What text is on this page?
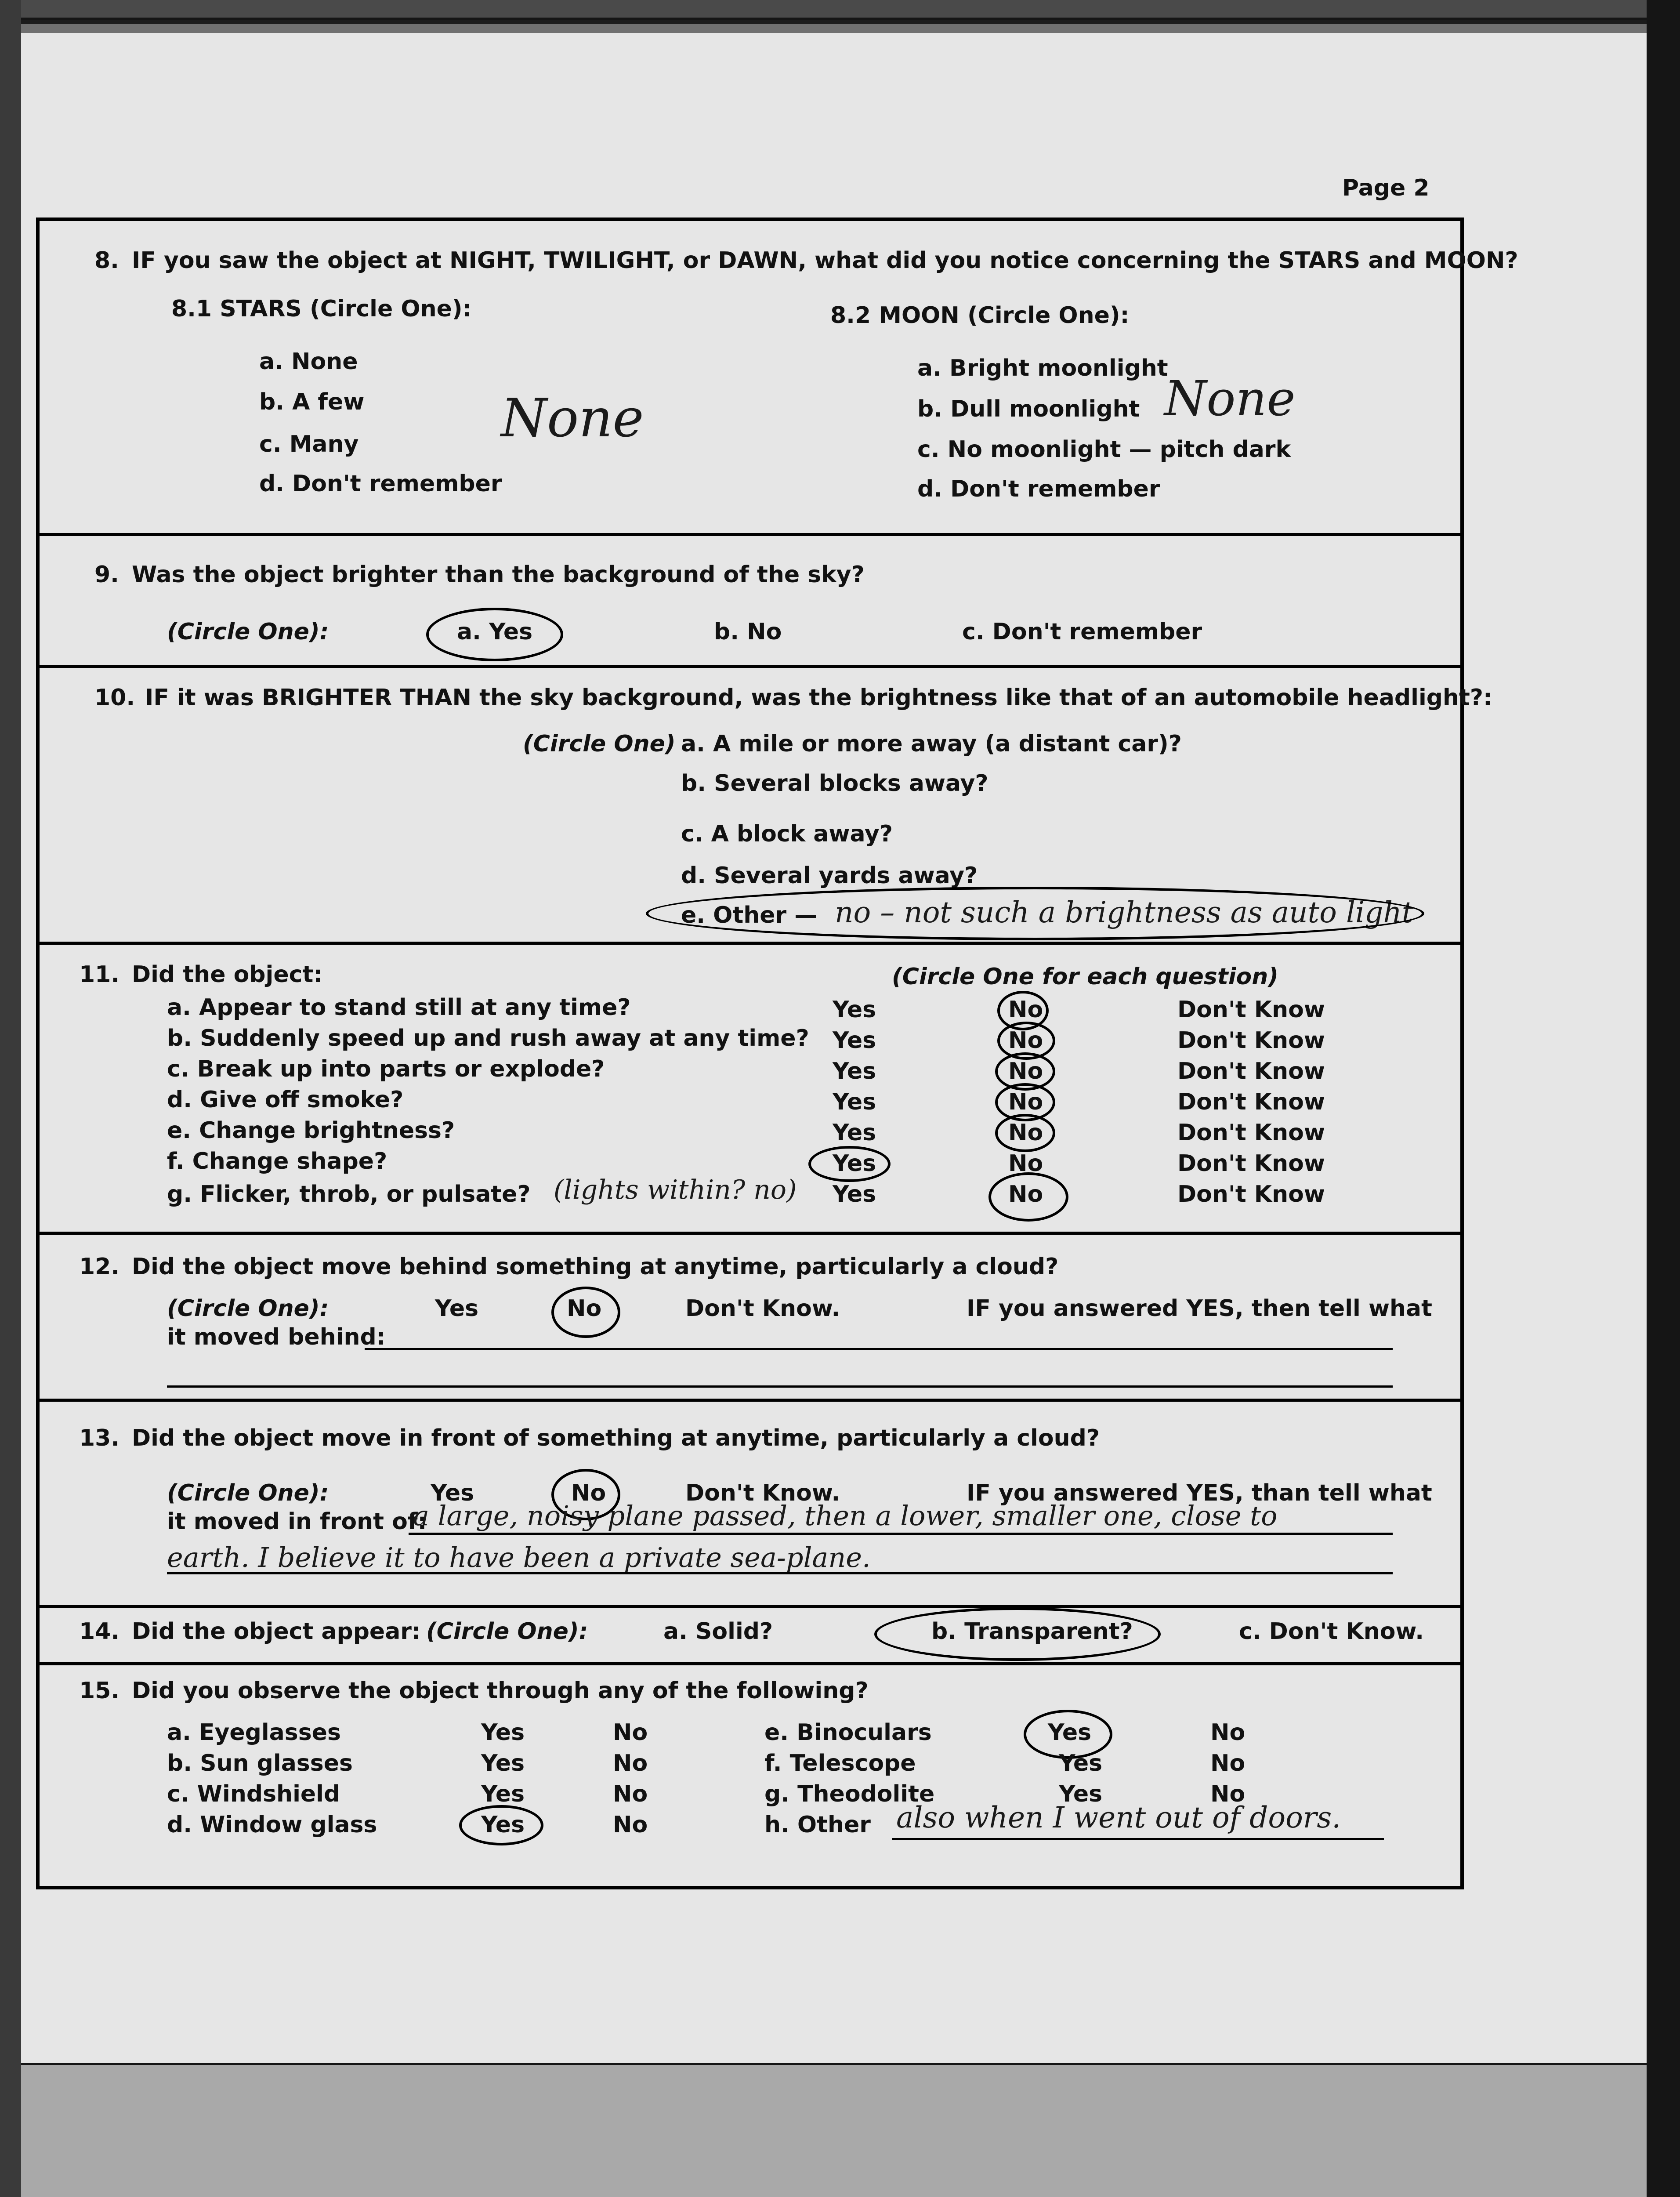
Page 2
8. IF you saw the object at NIGHT, TWILIGHT, or DAWN, what did you notice concerning the STARS and MOON?
8.1 STARS (Circle One):	8.2 MOON (Circle One):
a. None
b. A few
c. Many
d. Don't remember
a. Bright moonlight
b. Dull moonlight
c. No moonlight — pitch dark
d. Don't remember
None	None
9. Was the object brighter than the background of the sky?
(Circle One):	a. Yes	b. No	c. Don't remember
10. IF it was BRIGHTER THAN the sky background, was the brightness like that of an automobile headlight?:
(Circle One) a. A mile or more away (a distant car)?
b. Several blocks away?
c. A block away?
d. Several yards away?
e. Other — no – not such a brightness as auto light
11. Did the object:	(Circle One for each question)
a. Appear to stand still at any time?	Yes	No	Don't Know
b. Suddenly speed up and rush away at any time? Yes	No	Don't Know
c. Break up into parts or explode?	Yes	No	Don't Know
d. Give off smoke?	Yes	No	Don't Know
e. Change brightness?	Yes	No	Don't Know
f. Change shape?	Yes	No	Don't Know
g. Flicker, throb, or pulsate? (lights within? no) Yes	No	Don't Know
12. Did the object move behind something at anytime, particularly a cloud?
(Circle One):	Yes	No	Don't Know.	IF you answered YES, then tell what
it moved behind:
13. Did the object move in front of something at anytime, particularly a cloud?
(Circle One):	Yes	No	Don't Know.	IF you answered YES, than tell what
it moved in front of:
a large, noisy plane passed, then a lower, smaller one, close to
earth. I believe it to have been a private sea-plane.
14. Did the object appear: (Circle One):	a. Solid?	b. Transparent?	c. Don't Know.
15. Did you observe the object through any of the following?
a. Eyeglasses	Yes	No
b. Sun glasses	Yes	No
c. Windshield	Yes	No
d. Window glass	Yes	No
e. Binoculars	Yes	No
f. Telescope	Yes	No
g. Theodolite	Yes	No
h. Other also when I went out of doors.
